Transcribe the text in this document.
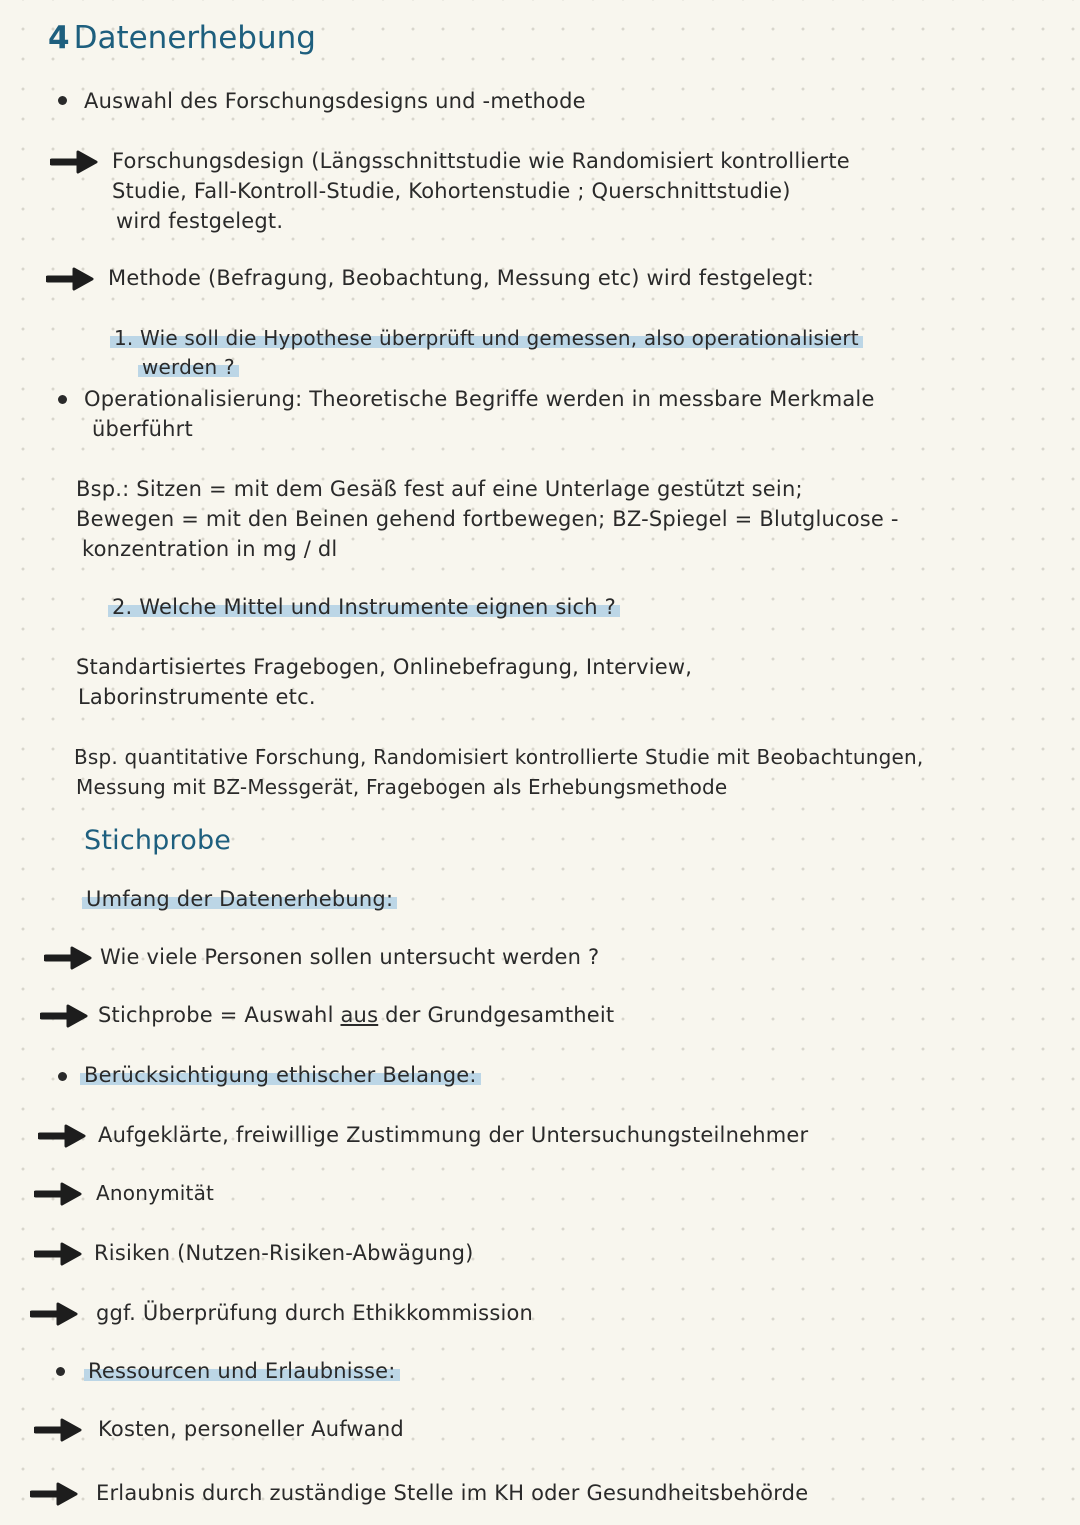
4 Datenerhebung
Auswahl des Forschungsdesigns und -methode
Forschungsdesign (Längsschnittstudie wie Randomisiert kontrollierte
Studie, Fall-Kontroll-Studie, Kohortenstudie ; Querschnittstudie)
wird festgelegt.
Methode (Befragung, Beobachtung, Messung etc) wird festgelegt:
1. Wie soll die Hypothese überprüft und gemessen, also operationalisiert
werden ?
Operationalisierung: Theoretische Begriffe werden in messbare Merkmale
überführt
Bsp.: Sitzen = mit dem Gesäß fest auf eine Unterlage gestützt sein;
Bewegen = mit den Beinen gehend fortbewegen; BZ-Spiegel = Blutglucose -
konzentration in mg / dl
2. Welche Mittel und Instrumente eignen sich ?
Standartisiertes Fragebogen, Onlinebefragung, Interview,
Laborinstrumente etc.
Bsp. quantitative Forschung, Randomisiert kontrollierte Studie mit Beobachtungen,
Messung mit BZ-Messgerät, Fragebogen als Erhebungsmethode
Stichprobe
Umfang der Datenerhebung:
Wie viele Personen sollen untersucht werden ?
Stichprobe = Auswahl aus der Grundgesamtheit
Berücksichtigung ethischer Belange:
Aufgeklärte, freiwillige Zustimmung der Untersuchungsteilnehmer
Anonymität
Risiken (Nutzen-Risiken-Abwägung)
ggf. Überprüfung durch Ethikkommission
Ressourcen und Erlaubnisse:
Kosten, personeller Aufwand
Erlaubnis durch zuständige Stelle im KH oder Gesundheitsbehörde
